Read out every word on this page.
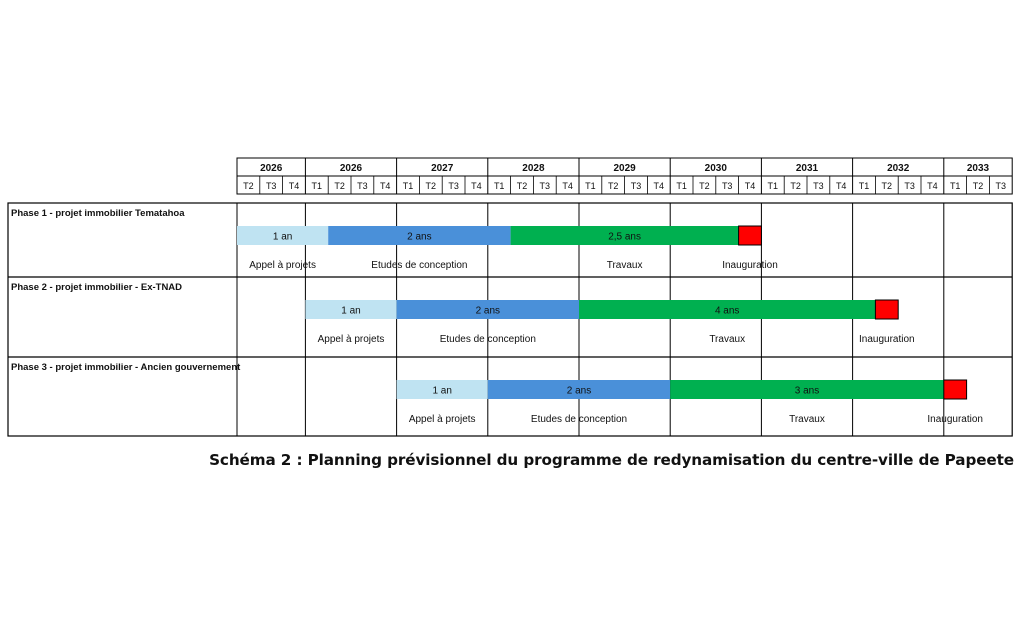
2026
T2 T3 T4
2026
T1 T2 T3 T4
2027
T1 T2 T3 T4
2028
T1 T2 T3 T4
2029
T1 T2 T3 T4
2030
T1 T2 T3 T4
2031
T1 T2 T3 T4
2032
T1 T2 T3 T4
2033
T1 T2 T3
Phase 1 - projet immobilier Tematahoa
1 an
Appel à projets
2 ans
Etudes de conception
2,5 ans
Travaux	Inauguration
Phase 2 - projet immobilier - Ex-TNAD
1 an
Appel à projets
2 ans
Etudes de conception
4 ans
Travaux	Inauguration
Phase 3 - projet immobilier - Ancien gouvernement
1 an
Appel à projets
2 ans
Etudes de conception
3 ans
Travaux	Inauguration
Schéma 2 : Planning prévisionnel du programme de redynamisation du centre-ville de Papeete
